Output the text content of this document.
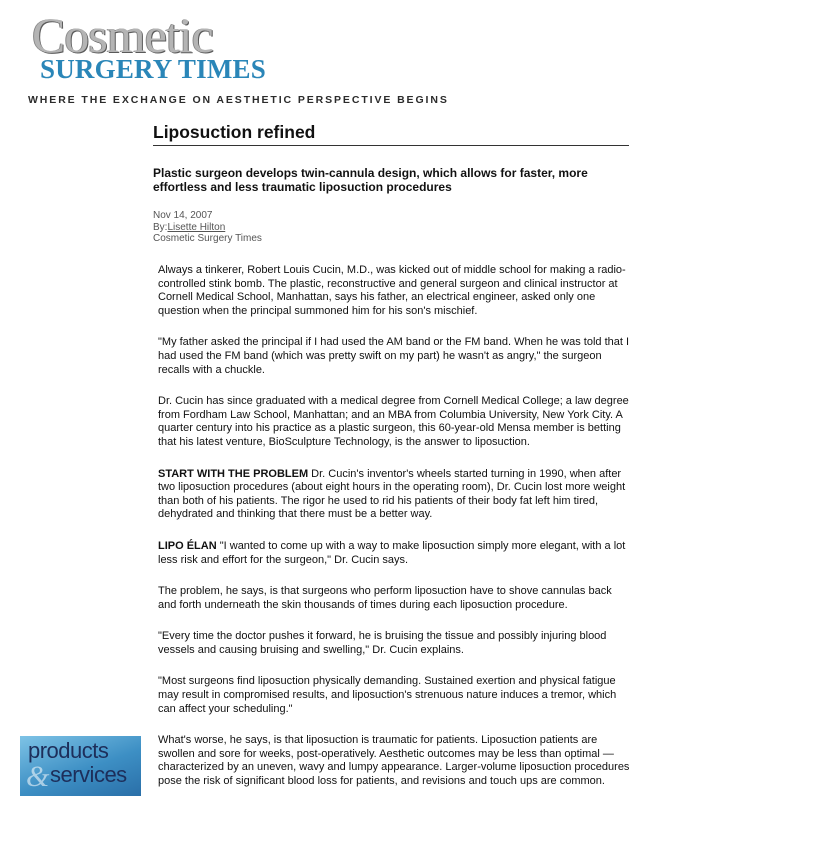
Cosmetic
SURGERY TIMES
WHERE THE EXCHANGE ON AESTHETIC PERSPECTIVE BEGINS
Liposuction refined
Plastic surgeon develops twin-cannula design, which allows for faster, more effortless and less traumatic liposuction procedures
Nov 14, 2007
By:Lisette Hilton
Cosmetic Surgery Times

Always a tinkerer, Robert Louis Cucin, M.D., was kicked out of middle school for making a radio-controlled stink bomb. The plastic, reconstructive and general surgeon and clinical instructor at Cornell Medical School, Manhattan, says his father, an electrical engineer, asked only one question when the principal summoned him for his son's mischief.

"My father asked the principal if I had used the AM band or the FM band. When he was told that I had used the FM band (which was pretty swift on my part) he wasn't as angry," the surgeon recalls with a chuckle.

Dr. Cucin has since graduated with a medical degree from Cornell Medical College; a law degree from Fordham Law School, Manhattan; and an MBA from Columbia University, New York City. A quarter century into his practice as a plastic surgeon, this 60-year-old Mensa member is betting that his latest venture, BioSculpture Technology, is the answer to liposuction.

START WITH THE PROBLEM Dr. Cucin's inventor's wheels started turning in 1990, when after two liposuction procedures (about eight hours in the operating room), Dr. Cucin lost more weight than both of his patients. The rigor he used to rid his patients of their body fat left him tired, dehydrated and thinking that there must be a better way.

LIPO ÉLAN "I wanted to come up with a way to make liposuction simply more elegant, with a lot less risk and effort for the surgeon," Dr. Cucin says.

The problem, he says, is that surgeons who perform liposuction have to shove cannulas back and forth underneath the skin thousands of times during each liposuction procedure.

"Every time the doctor pushes it forward, he is bruising the tissue and possibly injuring blood vessels and causing bruising and swelling," Dr. Cucin explains.

"Most surgeons find liposuction physically demanding. Sustained exertion and physical fatigue may result in compromised results, and liposuction's strenuous nature induces a tremor, which can affect your scheduling."

What's worse, he says, is that liposuction is traumatic for patients. Liposuction patients are swollen and sore for weeks, post-operatively. Aesthetic outcomes may be less than optimal — characterized by an uneven, wavy and lumpy appearance. Larger-volume liposuction procedures pose the risk of significant blood loss for patients, and revisions and touch ups are common.

products
& services
